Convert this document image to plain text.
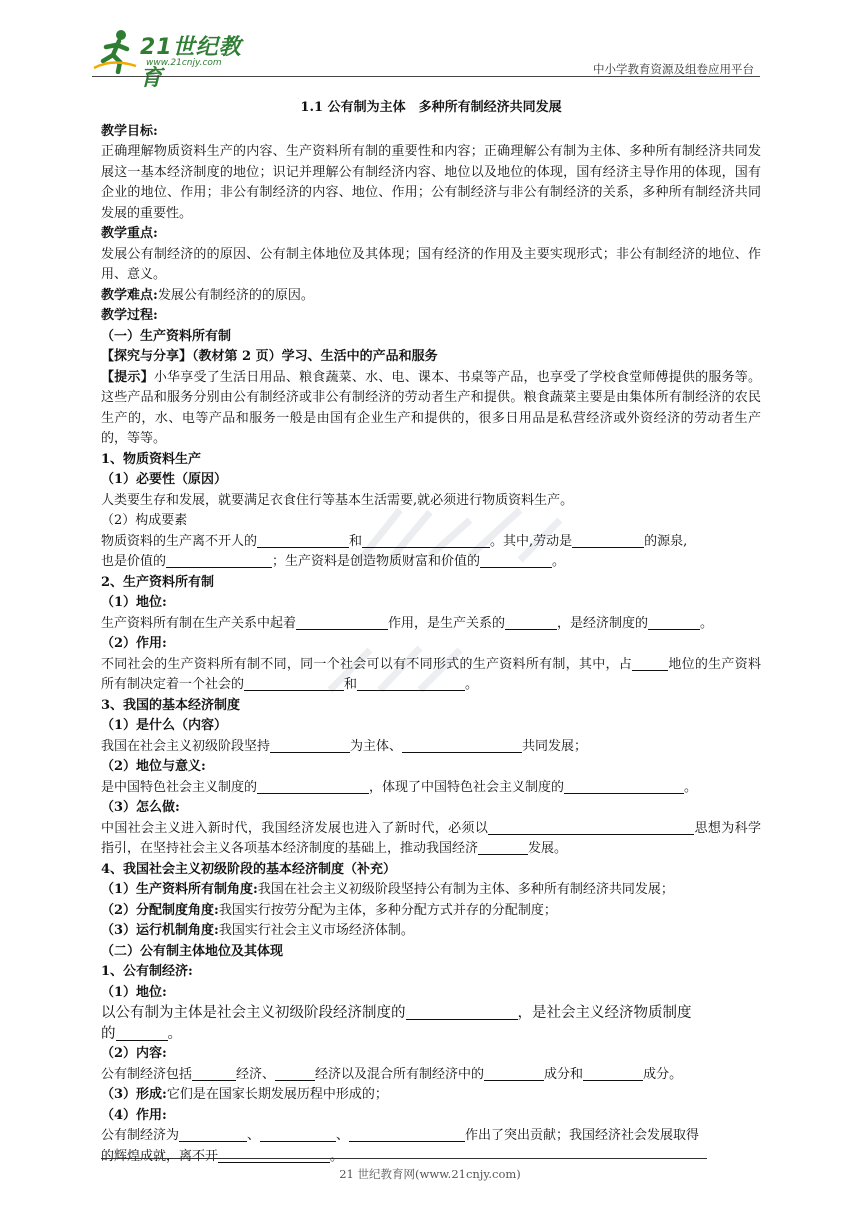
21世纪教育
www.21cnjy.com	中小学教育资源及组卷应用平台
1.1 公有制为主体　多种所有制经济共同发展

教学目标:

正确理解物质资料生产的内容、生产资料所有制的重要性和内容；正确理解公有制为主体、多种所有制经济共同发展这一基本经济制度的地位；识记并理解公有制经济内容、地位以及地位的体现，国有经济主导作用的体现，国有企业的地位、作用；非公有制经济的内容、地位、作用；公有制经济与非公有制经济的关系，多种所有制经济共同发展的重要性。

教学重点:

发展公有制经济的的原因、公有制主体地位及其体现；国有经济的作用及主要实现形式；非公有制经济的地位、作用、意义。

教学难点:发展公有制经济的的原因。

教学过程:

（一）生产资料所有制

【探究与分享】（教材第 2 页）学习、生活中的产品和服务

【提示】小华享受了生活日用品、粮食蔬菜、水、电、课本、书桌等产品，也享受了学校食堂师傅提供的服务等。这些产品和服务分别由公有制经济或非公有制经济的劳动者生产和提供。粮食蔬菜主要是由集体所有制经济的农民生产的，水、电等产品和服务一般是由国有企业生产和提供的，很多日用品是私营经济或外资经济的劳动者生产的，等等。

1、物质资料生产

（1）必要性（原因）

人类要生存和发展，就要满足衣食住行等基本生活需要,就必须进行物质资料生产。

（2）构成要素

物质资料的生产离不开人的	和	。其中,劳动是	的源泉,
也是价值的	；生产资料是创造物质财富和价值的	。

2、生产资料所有制

（1）地位:

生产资料所有制在生产关系中起着	作用，是生产关系的	，是经济制度的	。

（2）作用:

不同社会的生产资料所有制不同，同一个社会可以有不同形式的生产资料所有制，其中，占	地位的生产资料所有制决定着一个社会的	和	。

3、我国的基本经济制度

（1）是什么（内容）

我国在社会主义初级阶段坚持	为主体、	共同发展；

（2）地位与意义:

是中国特色社会主义制度的	，体现了中国特色社会主义制度的	。

（3）怎么做:

中国社会主义进入新时代，我国经济发展也进入了新时代，必须以	思想为科学指引，在坚持社会主义各项基本经济制度的基础上，推动我国经济	发展。

4、我国社会主义初级阶段的基本经济制度（补充）

（1）生产资料所有制角度:我国在社会主义初级阶段坚持公有制为主体、多种所有制经济共同发展；

（2）分配制度角度:我国实行按劳分配为主体，多种分配方式并存的分配制度；

（3）运行机制角度:我国实行社会主义市场经济体制。

（二）公有制主体地位及其体现

1、公有制经济:

（1）地位:

以公有制为主体是社会主义初级阶段经济制度的	，是社会主义经济物质制度
的	。

（2）内容:

公有制经济包括	经济、	经济以及混合所有制经济中的	成分和	成分。

（3）形成:它们是在国家长期发展历程中形成的；

（4）作用:

公有制经济为	、	、	作出了突出贡献；我国经济社会发展取得
的辉煌成就，离不开	。

21 世纪教育网(www.21cnjy.com)
